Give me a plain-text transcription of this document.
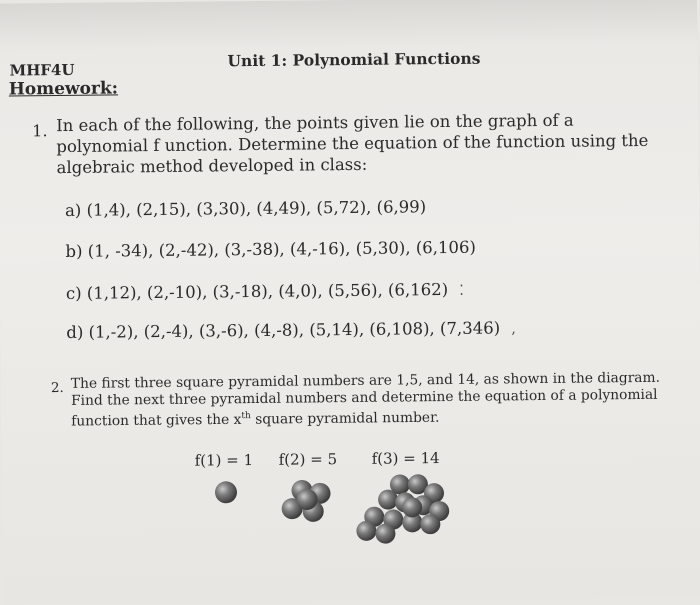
MHF4U	Unit 1: Polynomial Functions
Homework:
1. In each of the following, the points given lie on the graph of a polynomial f unction. Determine the equation of the function using the algebraic method developed in class:
a) (1,4), (2,15), (3,30), (4,49), (5,72), (6,99)
b) (1, -34), (2,-42), (3,-38), (4,-16), (5,30), (6,106)
c) (1,12), (2,-10), (3,-18), (4,0), (5,56), (6,162) ⁚
d) (1,-2), (2,-4), (3,-6), (4,-8), (5,14), (6,108), (7,346) ,
2. The first three square pyramidal numbers are 1,5, and 14, as shown in the diagram. Find the next three pyramidal numbers and determine the equation of a polynomial function that gives the $x^{th}$ square pyramidal number.
f(1) = 1 f(2) = 5 f(3) = 14
